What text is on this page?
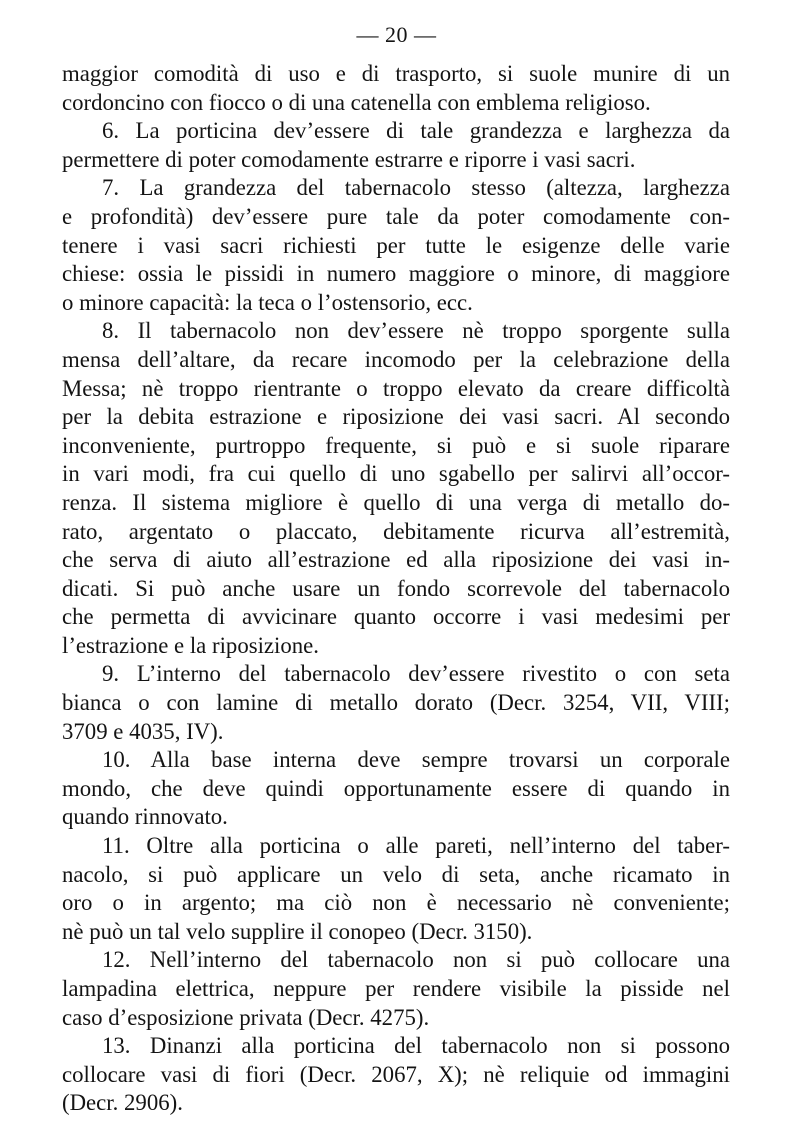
— 20 —
maggior comodità di uso e di trasporto, si suole munire di un
cordoncino con fiocco o di una catenella con emblema religioso.
6. La porticina dev’essere di tale grandezza e larghezza da
permettere di poter comodamente estrarre e riporre i vasi sacri.
7. La grandezza del tabernacolo stesso (altezza, larghezza
e profondità) dev’essere pure tale da poter comodamente con-
tenere i vasi sacri richiesti per tutte le esigenze delle varie
chiese: ossia le pissidi in numero maggiore o minore, di maggiore
o minore capacità: la teca o l’ostensorio, ecc.
8. Il tabernacolo non dev’essere nè troppo sporgente sulla
mensa dell’altare, da recare incomodo per la celebrazione della
Messa; nè troppo rientrante o troppo elevato da creare difficoltà
per la debita estrazione e riposizione dei vasi sacri. Al secondo
inconveniente, purtroppo frequente, si può e si suole riparare
in vari modi, fra cui quello di uno sgabello per salirvi all’occor-
renza. Il sistema migliore è quello di una verga di metallo do-
rato, argentato o placcato, debitamente ricurva all’estremità,
che serva di aiuto all’estrazione ed alla riposizione dei vasi in-
dicati. Si può anche usare un fondo scorrevole del tabernacolo
che permetta di avvicinare quanto occorre i vasi medesimi per
l’estrazione e la riposizione.
9. L’interno del tabernacolo dev’essere rivestito o con seta
bianca o con lamine di metallo dorato (Decr. 3254, VII, VIII;
3709 e 4035, IV).
10. Alla base interna deve sempre trovarsi un corporale
mondo, che deve quindi opportunamente essere di quando in
quando rinnovato.
11. Oltre alla porticina o alle pareti, nell’interno del taber-
nacolo, si può applicare un velo di seta, anche ricamato in
oro o in argento; ma ciò non è necessario nè conveniente;
nè può un tal velo supplire il conopeo (Decr. 3150).
12. Nell’interno del tabernacolo non si può collocare una
lampadina elettrica, neppure per rendere visibile la pisside nel
caso d’esposizione privata (Decr. 4275).
13. Dinanzi alla porticina del tabernacolo non si possono
collocare vasi di fiori (Decr. 2067, X); nè reliquie od immagini
(Decr. 2906).
